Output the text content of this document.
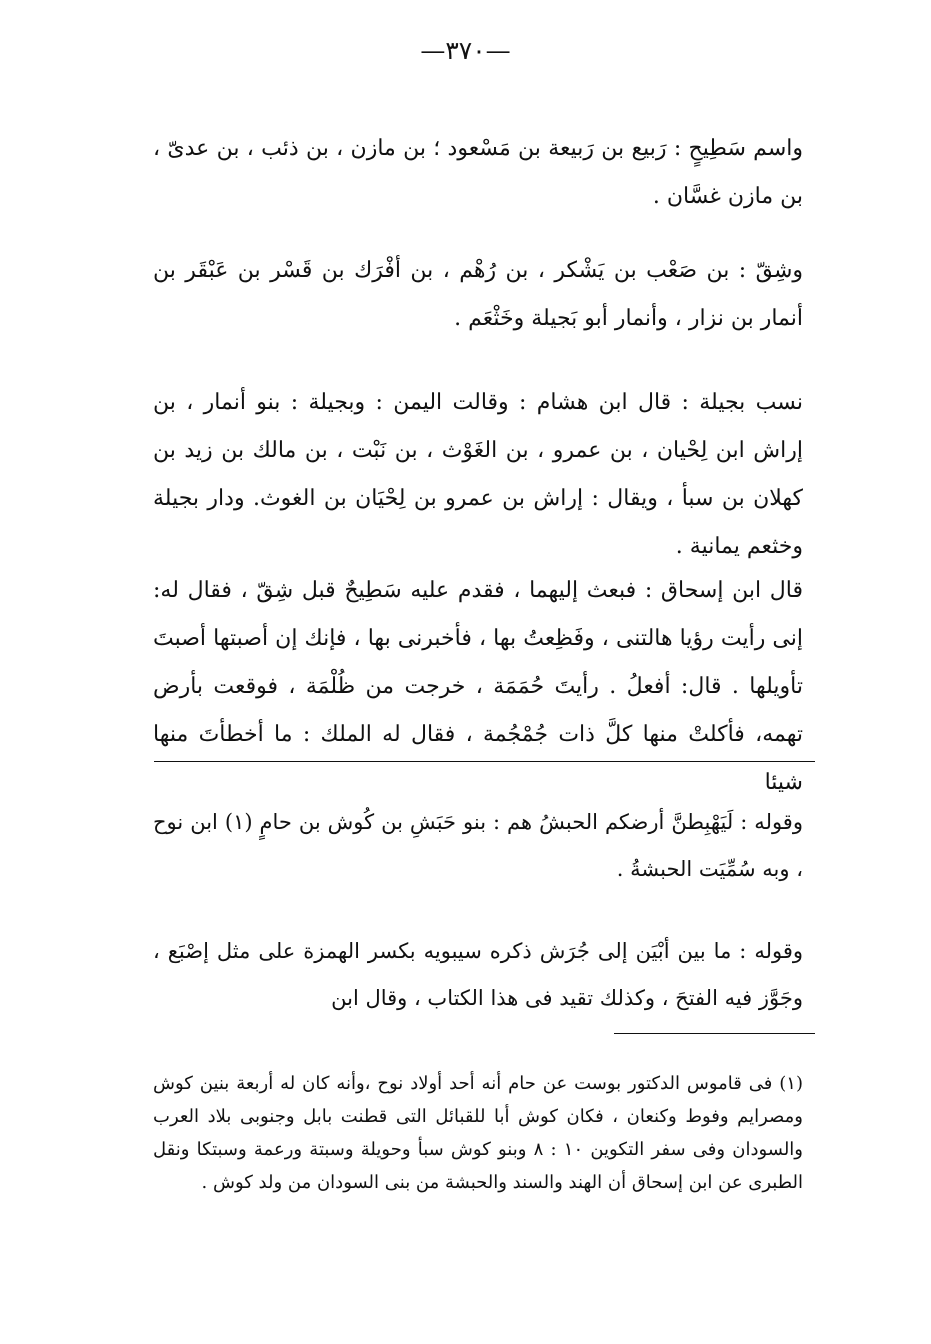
—٣٧٠—

واسم سَطِيحٍ : رَبيع بن رَبيعة بن مَسْعود ؛ بن مازن ، بن ذئب ، بن عدىّ ، بن مازن غسَّان .

وشِقّ : بن صَعْب بن يَشْكر ، بن رُهْم ، بن أفْرَك بن قَسْر بن عَبْقَر بن أنمار بن نزار ، وأنمار أبو بَجيلة وخَثْعَم .

نسب بجيلة : قال ابن هشام : وقالت اليمن : وبجيلة : بنو أنمار ، بن إراش ابن لِحْيان ، بن عمرو ، بن الغَوْث ، بن نَبْت ، بن مالك بن زيد بن كهلان بن سبأ ، ويقال : إراش بن عمرو بن لِحْيَان بن الغوث. ودار بجيلة وخثعم يمانية .

قال ابن إسحاق : فبعث إليهما ، فقدم عليه سَطِيحٌ قبل شِقّ ، فقال له: إنى رأيت رؤيا هالتنى ، وفَظِعتُ بها ، فأخبرنى بها ، فإنك إن أصبتها أصبتَ تأويلها . قال: أفعلُ . رأيتَ حُمَمَة ، خرجت من ظُلْمَة ، فوقعت بأرض تهمه، فأكلتْ منها كلَّ ذات جُمْجُمة ، فقال له الملك : ما أخطأتَ منها شيئا

وقوله : لَيَهْبِطنَّ أرضكم الحبشُ هم : بنو حَبَشِ بن كُوش بن حامٍ (١) ابن نوح ، وبه سُمِّيَت الحبشةُ .

وقوله : ما بين أبْيَن إلى جُرَش ذكره سيبويه بكسر الهمزة على مثل إصْبَع ، وجَوَّز فيه الفتحَ ، وكذلك تقيد فى هذا الكتاب ، وقال ابن

(١) فى قاموس الدكتور بوست عن حام أنه أحد أولاد نوح ،وأنه كان له أربعة بنين كوش ومصرايم وفوط وكنعان ، فكان كوش أبا للقبائل التى قطنت بابل وجنوبى بلاد العرب والسودان وفى سفر التكوين ١٠ : ٨ وبنو كوش سبأ وحويلة وسبتة ورعمة وسبتكا ونقل الطبرى عن ابن إسحاق أن الهند والسند والحبشة من بنى السودان من ولد كوش .
